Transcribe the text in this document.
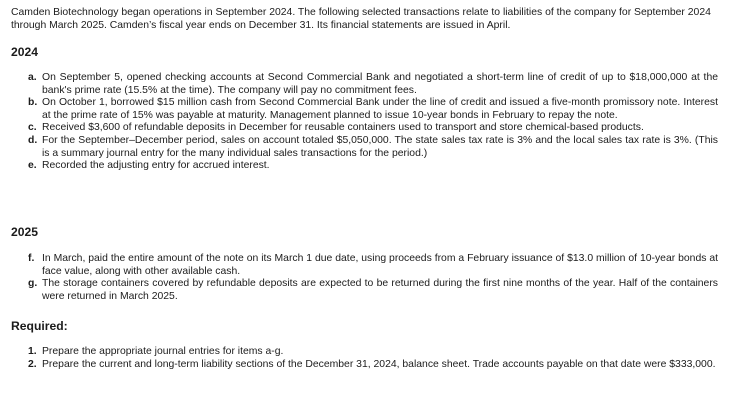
Camden Biotechnology began operations in September 2024. The following selected transactions relate to liabilities of the company for September 2024 through March 2025. Camden’s fiscal year ends on December 31. Its financial statements are issued in April.

2024
a. On September 5, opened checking accounts at Second Commercial Bank and negotiated a short-term line of credit of up to $18,000,000 at the bank's prime rate (15.5% at the time). The company will pay no commitment fees.
b. On October 1, borrowed $15 million cash from Second Commercial Bank under the line of credit and issued a five-month promissory note. Interest at the prime rate of 15% was payable at maturity. Management planned to issue 10-year bonds in February to repay the note.
c. Received $3,600 of refundable deposits in December for reusable containers used to transport and store chemical-based products.
d. For the September–December period, sales on account totaled $5,050,000. The state sales tax rate is 3% and the local sales tax rate is 3%. (This is a summary journal entry for the many individual sales transactions for the period.)
e. Recorded the adjusting entry for accrued interest.
2025
f. In March, paid the entire amount of the note on its March 1 due date, using proceeds from a February issuance of $13.0 million of 10-year bonds at face value, along with other available cash.
g. The storage containers covered by refundable deposits are expected to be returned during the first nine months of the year. Half of the containers were returned in March 2025.
Required:
1. Prepare the appropriate journal entries for items a-g.
2. Prepare the current and long-term liability sections of the December 31, 2024, balance sheet. Trade accounts payable on that date were $333,000.
